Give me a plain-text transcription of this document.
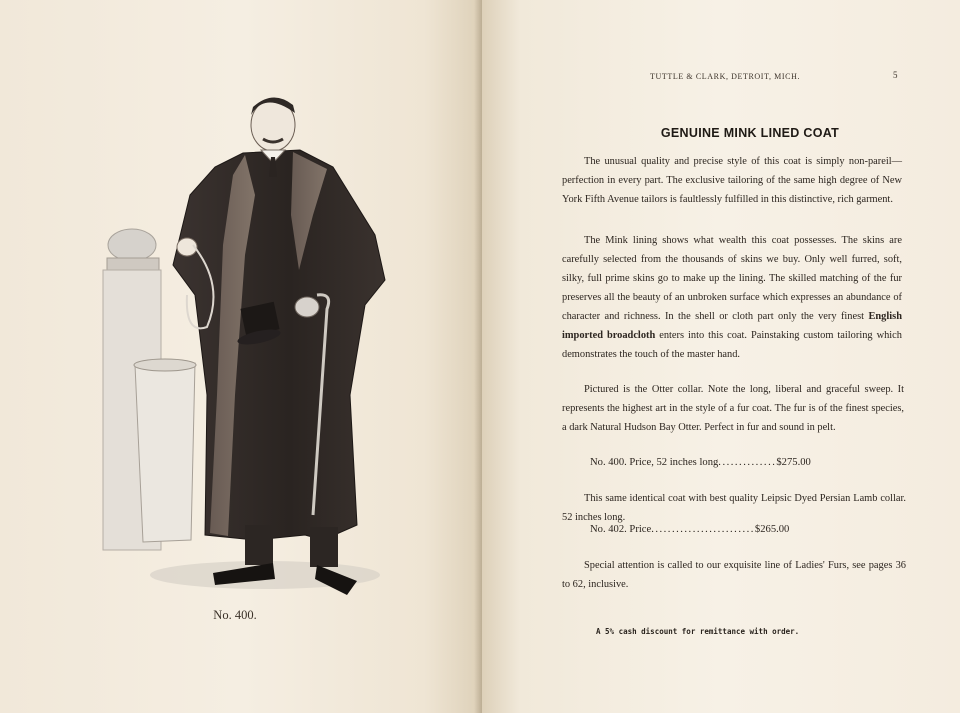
No. 400.
TUTTLE & CLARK, DETROIT, MICH.	5
GENUINE MINK LINED COAT

The unusual quality and precise style of this coat is simply non-pareil—perfection in every part. The exclusive tailoring of the same high degree of New York Fifth Avenue tailors is faultlessly fulfilled in this distinctive, rich garment.

The Mink lining shows what wealth this coat possesses. The skins are carefully selected from the thousands of skins we buy. Only well furred, soft, silky, full prime skins go to make up the lining. The skilled matching of the fur preserves all the beauty of an unbroken surface which expresses an abundance of character and richness. In the shell or cloth part only the very finest English imported broadcloth enters into this coat. Painstaking custom tailoring which demonstrates the touch of the master hand.

Pictured is the Otter collar. Note the long, liberal and graceful sweep. It represents the highest art in the style of a fur coat. The fur is of the finest species, a dark Natural Hudson Bay Otter. Perfect in fur and sound in pelt.

No. 400. Price, 52 inches long..............$275.00

This same identical coat with best quality Leipsic Dyed Persian Lamb collar. 52 inches long.

No. 402. Price.........................$265.00

Special attention is called to our exquisite line of Ladies' Furs, see pages 36 to 62, inclusive.

A 5% cash discount for remittance with order.
